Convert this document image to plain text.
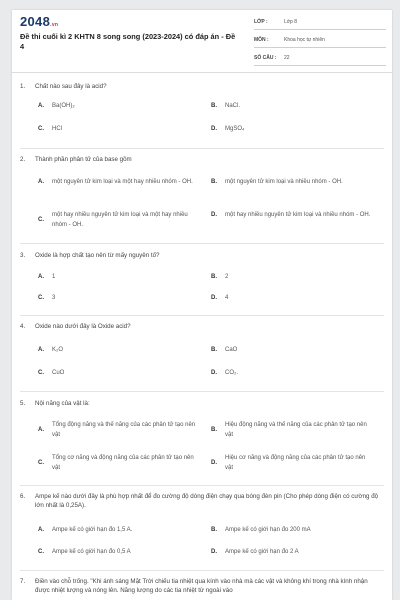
2048.vn
Đề thi cuối kì 2 KHTN 8 song song (2023-2024) có đáp án - Đề 4
LỚP :	Lớp 8
MÔN :	Khoa học tự nhiên
SỐ CÂU :	22
1.	Chất nào sau đây là acid?
A.	Ba(OH)₂	B.	NaCl.
C.	HCl	D.	MgSO₄
2.	Thành phần phân tử của base gồm
A.	một nguyên tử kim loại và một hay nhiều nhóm - OH.	B.	một nguyên tử kim loại và nhiều nhóm - OH.
C.
một hay nhiều nguyên tử kim loại và một hay nhiều nhóm - OH.
D.	một hay nhiều nguyên tử kim loại và nhiều nhóm - OH.
3.	Oxide là hợp chất tạo nên từ mấy nguyên tố?
A.	1	B.	2
C.	3	D.	4
4.	Oxide nào dưới đây là Oxide acid?
A.	K₂O	B.	CaO
C.	CuO	D.	CO₂.
5.	Nội năng của vật là:
A.
Tổng động năng và thế năng của các phân tử tạo nên vật
B.
Hiệu động năng và thế năng của các phân tử tạo nên vật
C.
Tổng cơ năng và động năng của các phân tử tạo nên vật
D.
Hiệu cơ năng và động năng của các phân tử tạo nên vật
6.	Ampe kế nào dưới đây là phù hợp nhất để đo cường độ dòng điện chạy qua bóng đèn pin (Cho phép dòng điện có cường độ lớn nhất là 0,25A).
A.	Ampe kế có giới hạn đo 1,5 A.	B.	Ampe kế có giới hạn đo 200 mA
C.	Ampe kế có giới hạn đo 0,5 A	D.	Ampe kế có giới hạn đo 2 A
7.	Điền vào chỗ trống. "Khi ánh sáng Mặt Trời chiếu tia nhiệt qua kính vào nhà mà các vật và không khí trong nhà kính nhận được nhiệt lượng và nóng lên. Năng lượng do các tia nhiệt từ ngoài vào
